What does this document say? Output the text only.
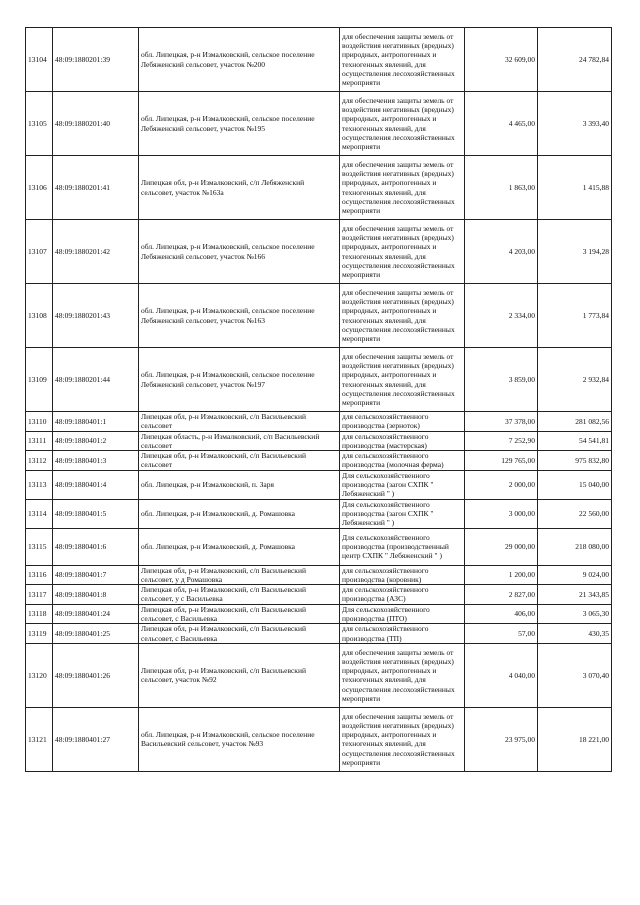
13104	48:09:1880201:39	обл. Липецкая, р-н Измалковский, сельское поселение Лебяженский сельсовет, участок №200	для обеспечения защиты земель от воздействия негативных (вредных) природных, антропогенных и техногенных явлений, для осуществления лесохозяйственных мероприяти	32 609,00	24 782,84
13105	48:09:1880201:40	обл. Липецкая, р-н Измалковский, сельское поселение Лебяженский сельсовет, участок №195	для обеспечения защиты земель от воздействия негативных (вредных) природных, антропогенных и техногенных явлений, для осуществления лесохозяйственных мероприяти	4 465,00	3 393,40
13106	48:09:1880201:41	Липецкая обл, р-н Измалковский, с/п Лебяженский сельсовет, участок №163а	для обеспечения защиты земель от воздействия негативных (вредных) природных, антропогенных и техногенных явлений, для осуществления лесохозяйственных мероприяти	1 863,00	1 415,88
13107	48:09:1880201:42	обл. Липецкая, р-н Измалковский, сельское поселение Лебяженский сельсовет, участок №166	для обеспечения защиты земель от воздействия негативных (вредных) природных, антропогенных и техногенных явлений, для осуществления лесохозяйственных мероприяти	4 203,00	3 194,28
13108	48:09:1880201:43	обл. Липецкая, р-н Измалковский, сельское поселение Лебяженский сельсовет, участок №163	для обеспечения защиты земель от воздействия негативных (вредных) природных, антропогенных и техногенных явлений, для осуществления лесохозяйственных мероприяти	2 334,00	1 773,84
13109	48:09:1880201:44	обл. Липецкая, р-н Измалковский, сельское поселение Лебяженский сельсовет, участок №197	для обеспечения защиты земель от воздействия негативных (вредных) природных, антропогенных и техногенных явлений, для осуществления лесохозяйственных мероприяти	3 859,00	2 932,84
13110	48:09:1880401:1	Липецкая обл, р-н Измалковский, с/п Васильевский сельсовет	для сельскохозяйственного производства (зерноток)	37 378,00	281 082,56
13111	48:09:1880401:2	Липецкая область, р-н Измалковский, с/п Васильевский сельсовет	для сельскохозяйственного производства (мастерская)	7 252,90	54 541,81
13112	48:09:1880401:3	Липецкая обл, р-н Измалковский, с/п Васильевский сельсовет	для сельскохозяйственного производства (молочная ферма)	129 765,00	975 832,80
13113	48:09:1880401:4	обл. Липецкая, р-н Измалковский, п. Заря	Для сельскохозяйственного производства (загон СХПК " Лебяженский " )	2 000,00	15 040,00
13114	48:09:1880401:5	обл. Липецкая, р-н Измалковский, д. Ромашовка	Для сельскохозяйственного производства (загон СХПК " Лебяженский " )	3 000,00	22 560,00
13115	48:09:1880401:6	обл. Липецкая, р-н Измалковский, д. Ромашовка	Для сельскохозяйственного производства (производственный центр СХПК " Лебяженский " )	29 000,00	218 080,00
13116	48:09:1880401:7	Липецкая обл, р-н Измалковский, с/п Васильевский сельсовет, у д Ромашовка	для сельскохозяйственного производства (коровник)	1 200,00	9 024,00
13117	48:09:1880401:8	Липецкая обл, р-н Измалковский, с/п Васильевский сельсовет, у с Васильевка	для сельскохозяйственного производства (АЗС)	2 827,00	21 343,85
13118	48:09:1880401:24	Липецкая обл, р-н Измалковский, с/п Васильевский сельсовет, с Васильевка	Для сельскохозяйственного производства (ПТО)	406,00	3 065,30
13119	48:09:1880401:25	Липецкая обл, р-н Измалковский, с/п Васильевский сельсовет, с Васильевка	для сельскохозяйственного производства (ТП)	57,00	430,35
13120	48:09:1880401:26	Липецкая обл, р-н Измалковский, с/п Васильевский сельсовет, участок №92	для обеспечения защиты земель от воздействия негативных (вредных) природных, антропогенных и техногенных явлений, для осуществления лесохозяйственных мероприяти	4 040,00	3 070,40
13121	48:09:1880401:27	обл. Липецкая, р-н Измалковский, сельское поселение Васильевский сельсовет, участок №93	для обеспечения защиты земель от воздействия негативных (вредных) природных, антропогенных и техногенных явлений, для осуществления лесохозяйственных мероприяти	23 975,00	18 221,00
